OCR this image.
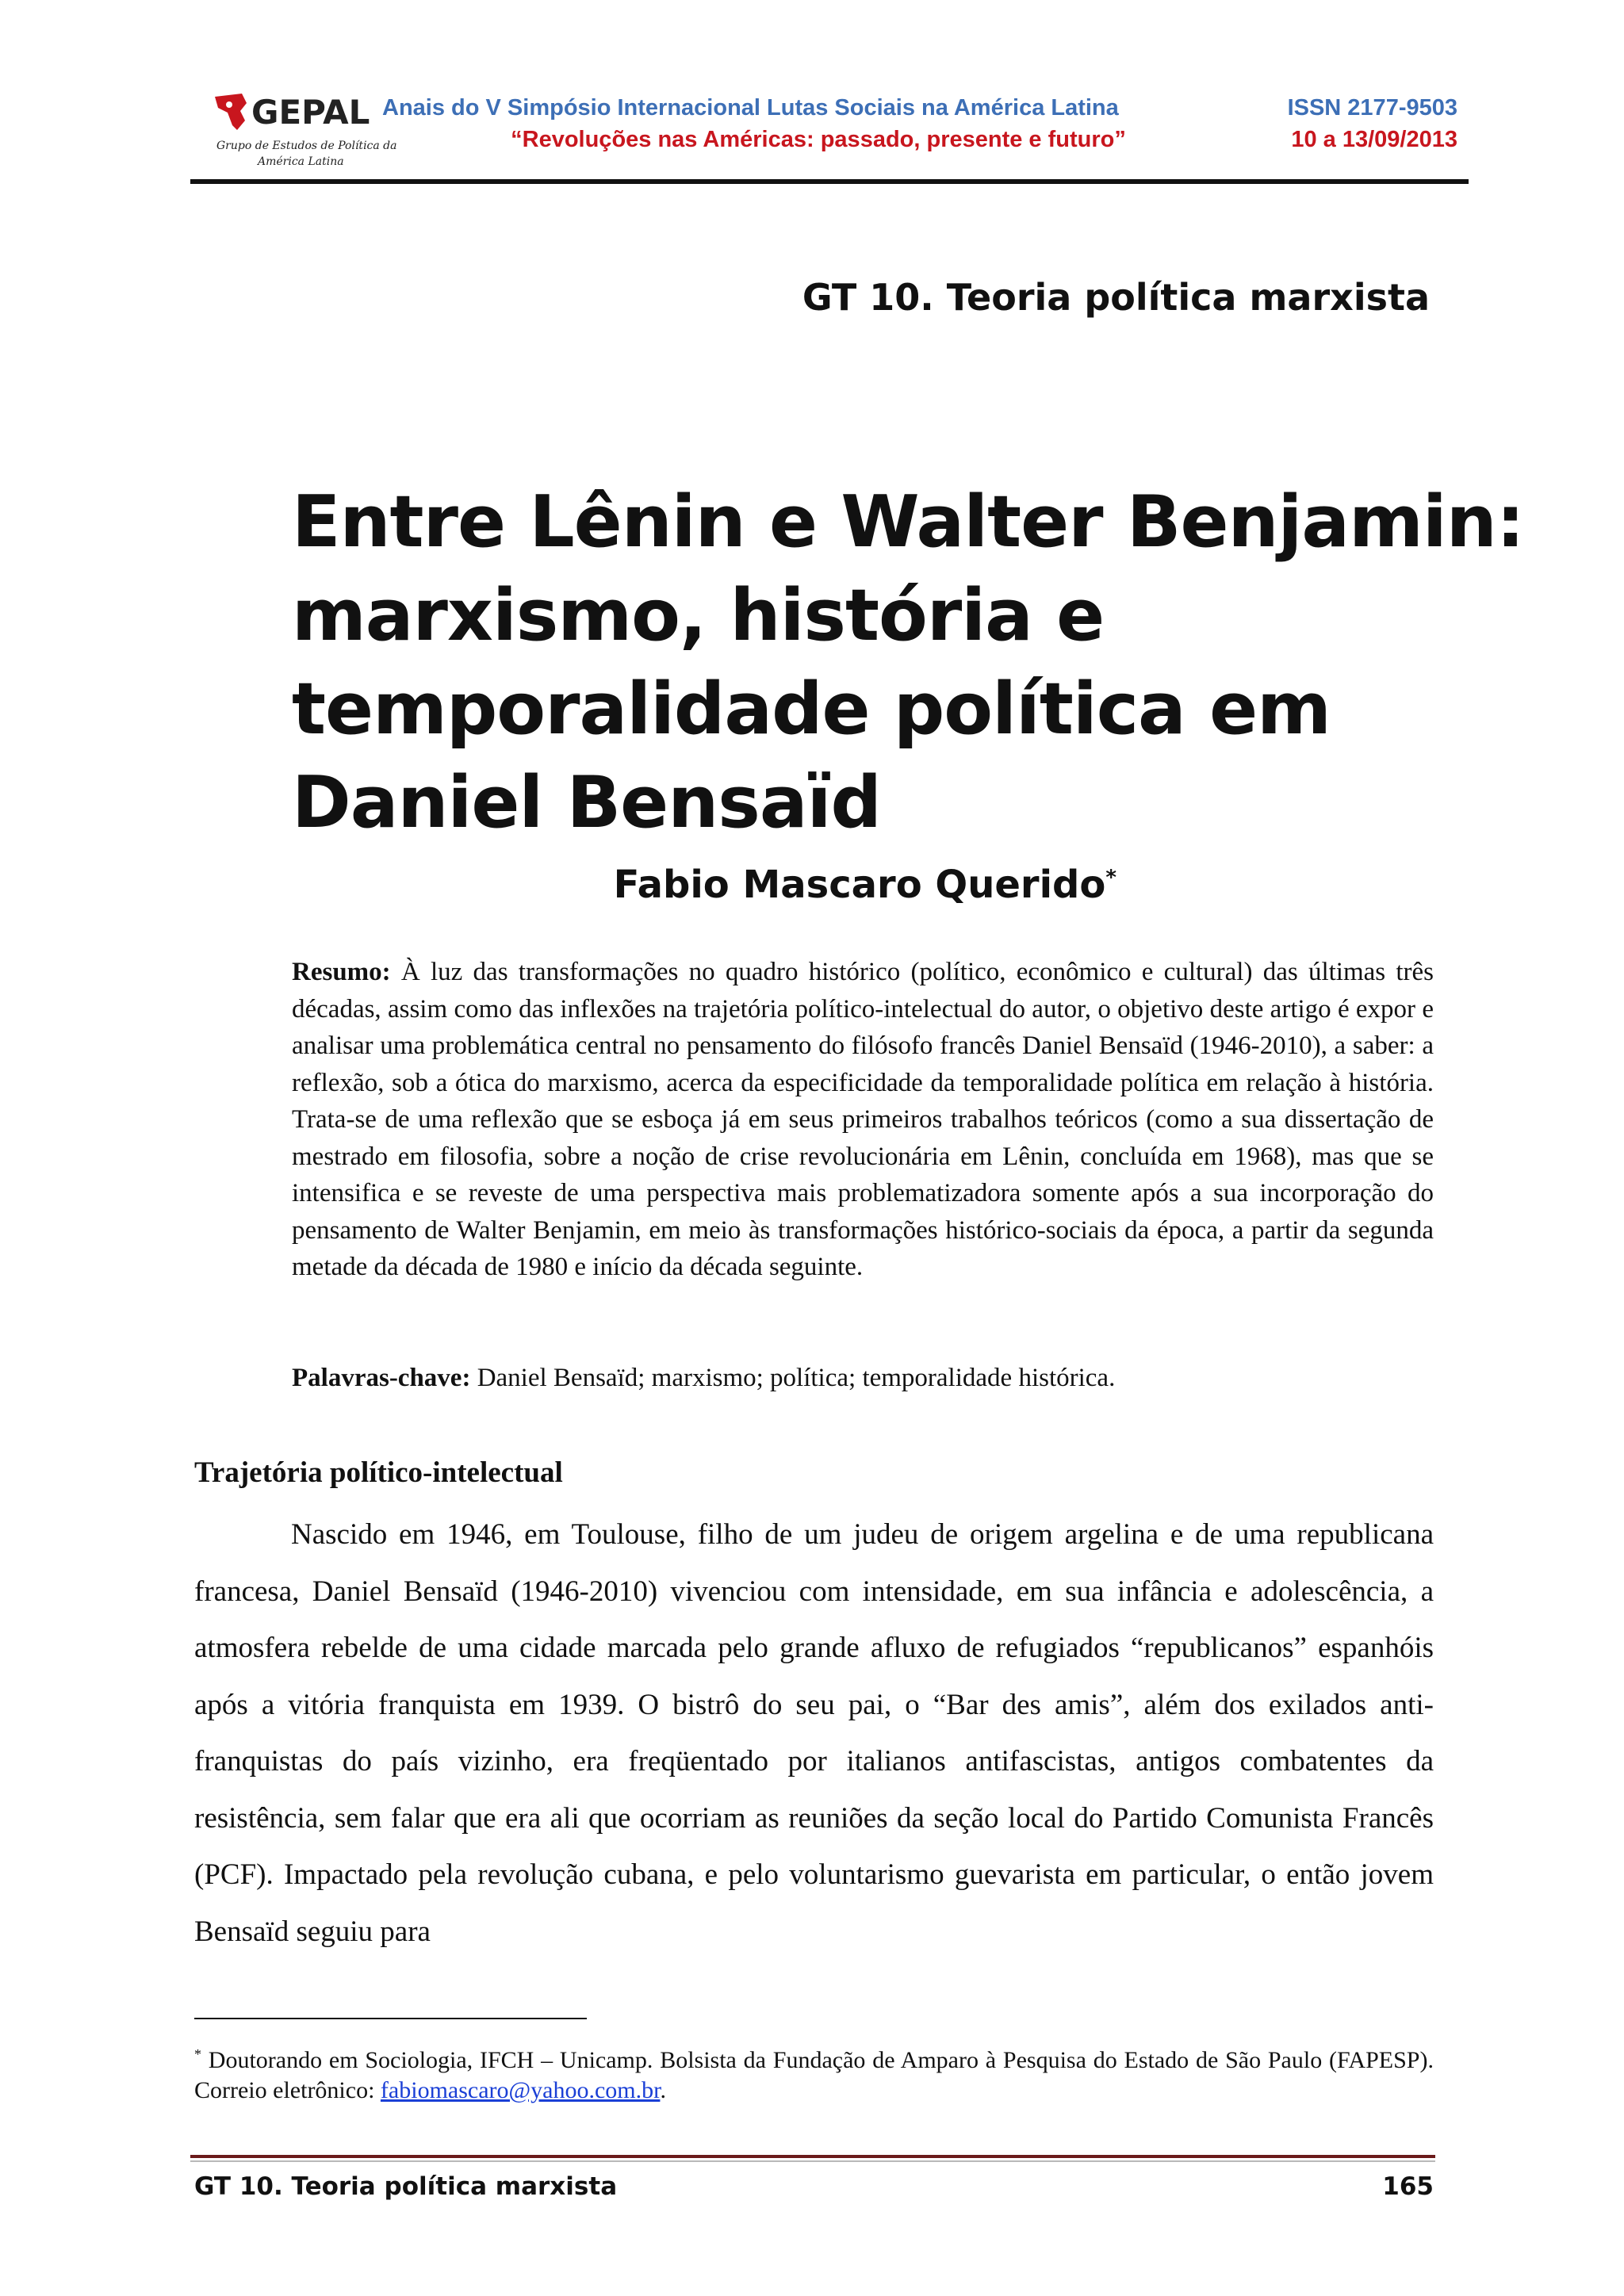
GEPAL
Grupo de Estudos de Política da
América Latina
Anais do V Simpósio Internacional Lutas Sociais na América Latina	ISSN 2177-9503
“Revoluções nas Américas: passado, presente e futuro”	10 a 13/09/2013
GT 10. Teoria política marxista
Entre Lênin e Walter Benjamin:
marxismo, história e
temporalidade política em
Daniel Bensaïd
Fabio Mascaro Querido*
Resumo: À luz das transformações no quadro histórico (político, econômico e cultural) das últimas três décadas, assim como das inflexões na trajetória político-intelectual do autor, o objetivo deste artigo é expor e analisar uma problemática central no pensamento do filósofo francês Daniel Bensaïd (1946-2010), a saber: a reflexão, sob a ótica do marxismo, acerca da especificidade da temporalidade política em relação à história. Trata-se de uma reflexão que se esboça já em seus primeiros trabalhos teóricos (como a sua dissertação de mestrado em filosofia, sobre a noção de crise revolucionária em Lênin, concluída em 1968), mas que se intensifica e se reveste de uma perspectiva mais problematizadora somente após a sua incorporação do pensamento de Walter Benjamin, em meio às transformações histórico-sociais da época, a partir da segunda metade da década de 1980 e início da década seguinte.
Palavras-chave: Daniel Bensaïd; marxismo; política; temporalidade histórica.
Trajetória político-intelectual

Nascido em 1946, em Toulouse, filho de um judeu de origem argelina e de uma republicana francesa, Daniel Bensaïd (1946-2010) vivenciou com intensidade, em sua infância e adolescência, a atmosfera rebelde de uma cidade marcada pelo grande afluxo de refugiados “republicanos” espanhóis após a vitória franquista em 1939. O bistrô do seu pai, o “Bar des amis”, além dos exilados anti-franquistas do país vizinho, era freqüentado por italianos antifascistas, antigos combatentes da resistência, sem falar que era ali que ocorriam as reuniões da seção local do Partido Comunista Francês (PCF). Impactado pela revolução cubana, e pelo voluntarismo guevarista em particular, o então jovem Bensaïd seguiu para

* Doutorando em Sociologia, IFCH – Unicamp. Bolsista da Fundação de Amparo à Pesquisa do Estado de São Paulo (FAPESP). Correio eletrônico: fabiomascaro@yahoo.com.br.
GT 10. Teoria política marxista	165
